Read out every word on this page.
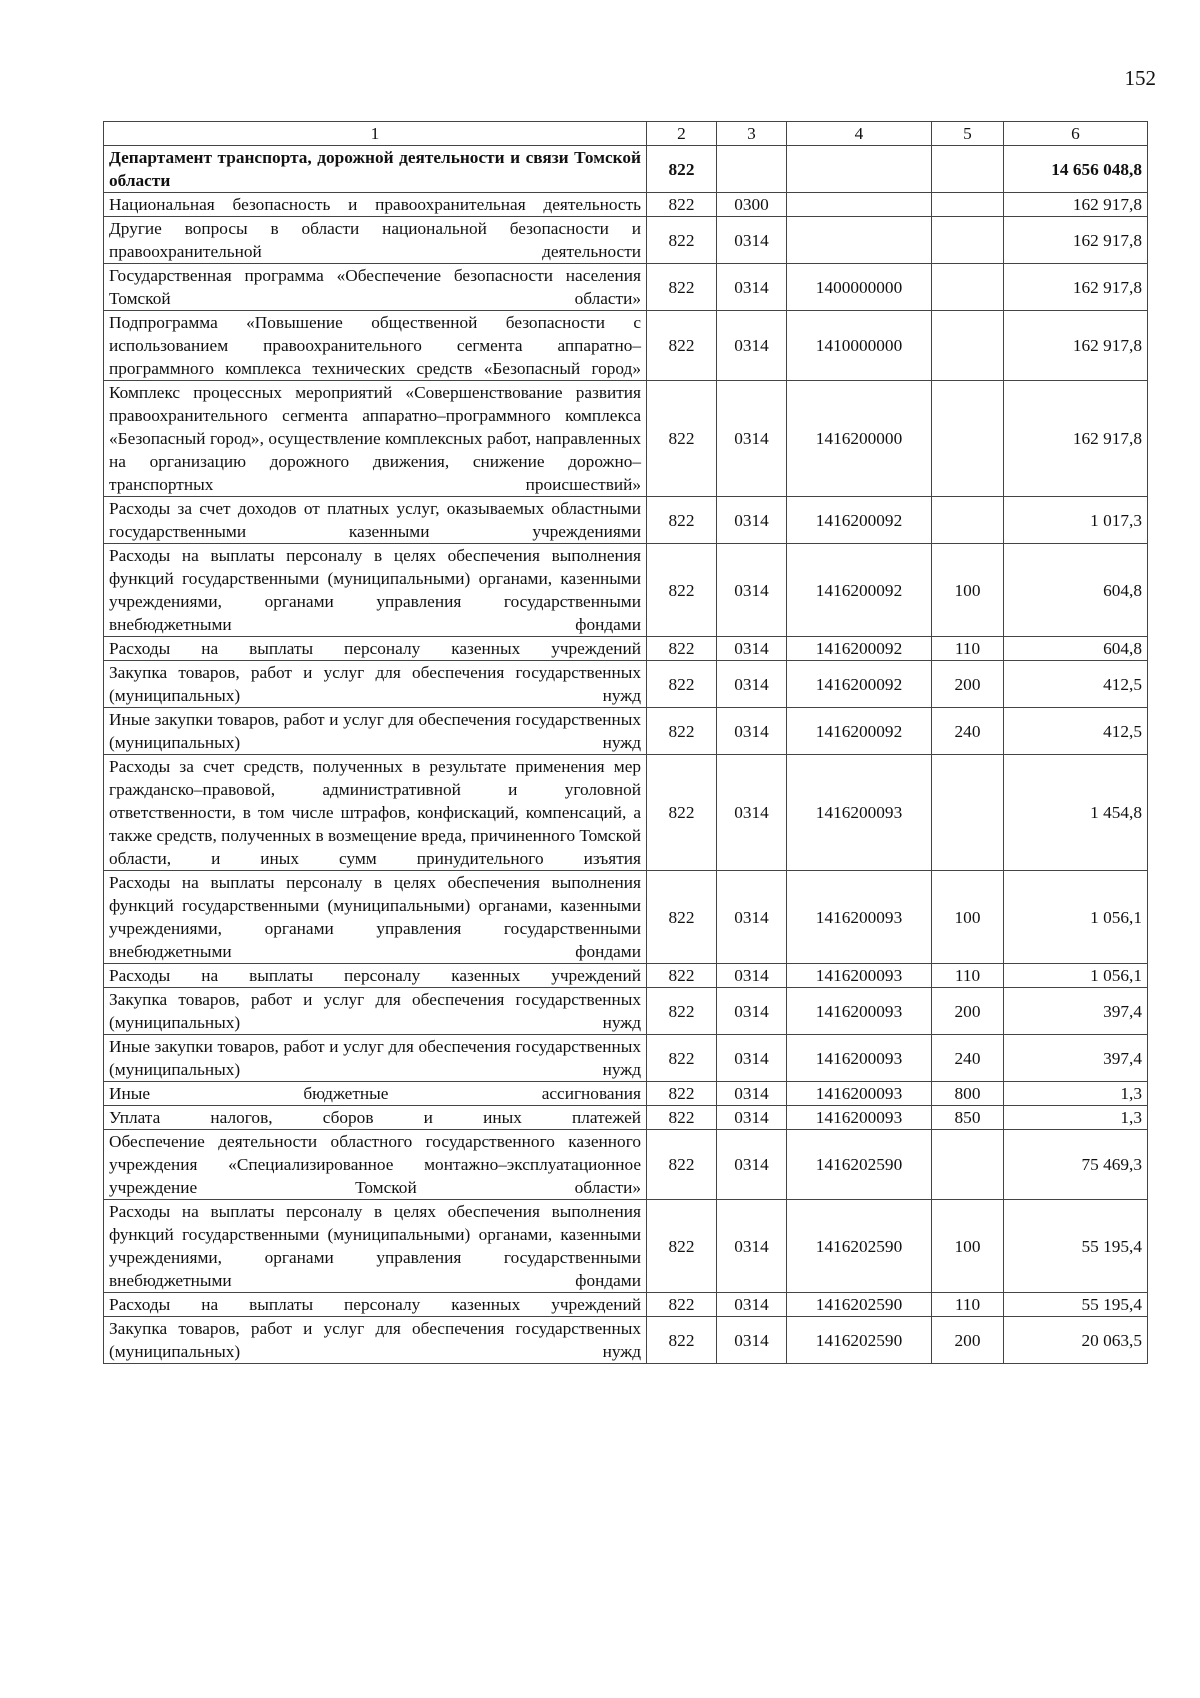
152
1	2	3	4	5	6
Департамент транспорта, дорожной деятельности и связи Томской области	822				14 656 048,8
Национальная безопасность и правоохранительная деятельность	822	0300			162 917,8
Другие вопросы в области национальной безопасности и правоохранительной деятельности	822	0314			162 917,8
Государственная программа «Обеспечение безопасности населения Томской области»	822	0314	1400000000		162 917,8
Подпрограмма «Повышение общественной безопасности с использованием правоохранительного сегмента аппаратно–программного комплекса технических средств «Безопасный город»	822	0314	1410000000		162 917,8
Комплекс процессных мероприятий «Совершенствование развития правоохранительного сегмента аппаратно–программного комплекса «Безопасный город», осуществление комплексных работ, направленных на организацию дорожного движения, снижение дорожно–транспортных происшествий»	822	0314	1416200000		162 917,8
Расходы за счет доходов от платных услуг, оказываемых областными государственными казенными учреждениями	822	0314	1416200092		1 017,3
Расходы на выплаты персоналу в целях обеспечения выполнения функций государственными (муниципальными) органами, казенными учреждениями, органами управления государственными внебюджетными фондами	822	0314	1416200092	100	604,8
Расходы на выплаты персоналу казенных учреждений	822	0314	1416200092	110	604,8
Закупка товаров, работ и услуг для обеспечения государственных (муниципальных) нужд	822	0314	1416200092	200	412,5
Иные закупки товаров, работ и услуг для обеспечения государственных (муниципальных) нужд	822	0314	1416200092	240	412,5
Расходы за счет средств, полученных в результате применения мер гражданско–правовой, административной и уголовной ответственности, в том числе штрафов, конфискаций, компенсаций, а также средств, полученных в возмещение вреда, причиненного Томской области, и иных сумм принудительного изъятия	822	0314	1416200093		1 454,8
Расходы на выплаты персоналу в целях обеспечения выполнения функций государственными (муниципальными) органами, казенными учреждениями, органами управления государственными внебюджетными фондами	822	0314	1416200093	100	1 056,1
Расходы на выплаты персоналу казенных учреждений	822	0314	1416200093	110	1 056,1
Закупка товаров, работ и услуг для обеспечения государственных (муниципальных) нужд	822	0314	1416200093	200	397,4
Иные закупки товаров, работ и услуг для обеспечения государственных (муниципальных) нужд	822	0314	1416200093	240	397,4
Иные бюджетные ассигнования	822	0314	1416200093	800	1,3
Уплата налогов, сборов и иных платежей	822	0314	1416200093	850	1,3
Обеспечение деятельности областного государственного казенного учреждения «Специализированное монтажно–эксплуатационное учреждение Томской области»	822	0314	1416202590		75 469,3
Расходы на выплаты персоналу в целях обеспечения выполнения функций государственными (муниципальными) органами, казенными учреждениями, органами управления государственными внебюджетными фондами	822	0314	1416202590	100	55 195,4
Расходы на выплаты персоналу казенных учреждений	822	0314	1416202590	110	55 195,4
Закупка товаров, работ и услуг для обеспечения государственных (муниципальных) нужд	822	0314	1416202590	200	20 063,5
